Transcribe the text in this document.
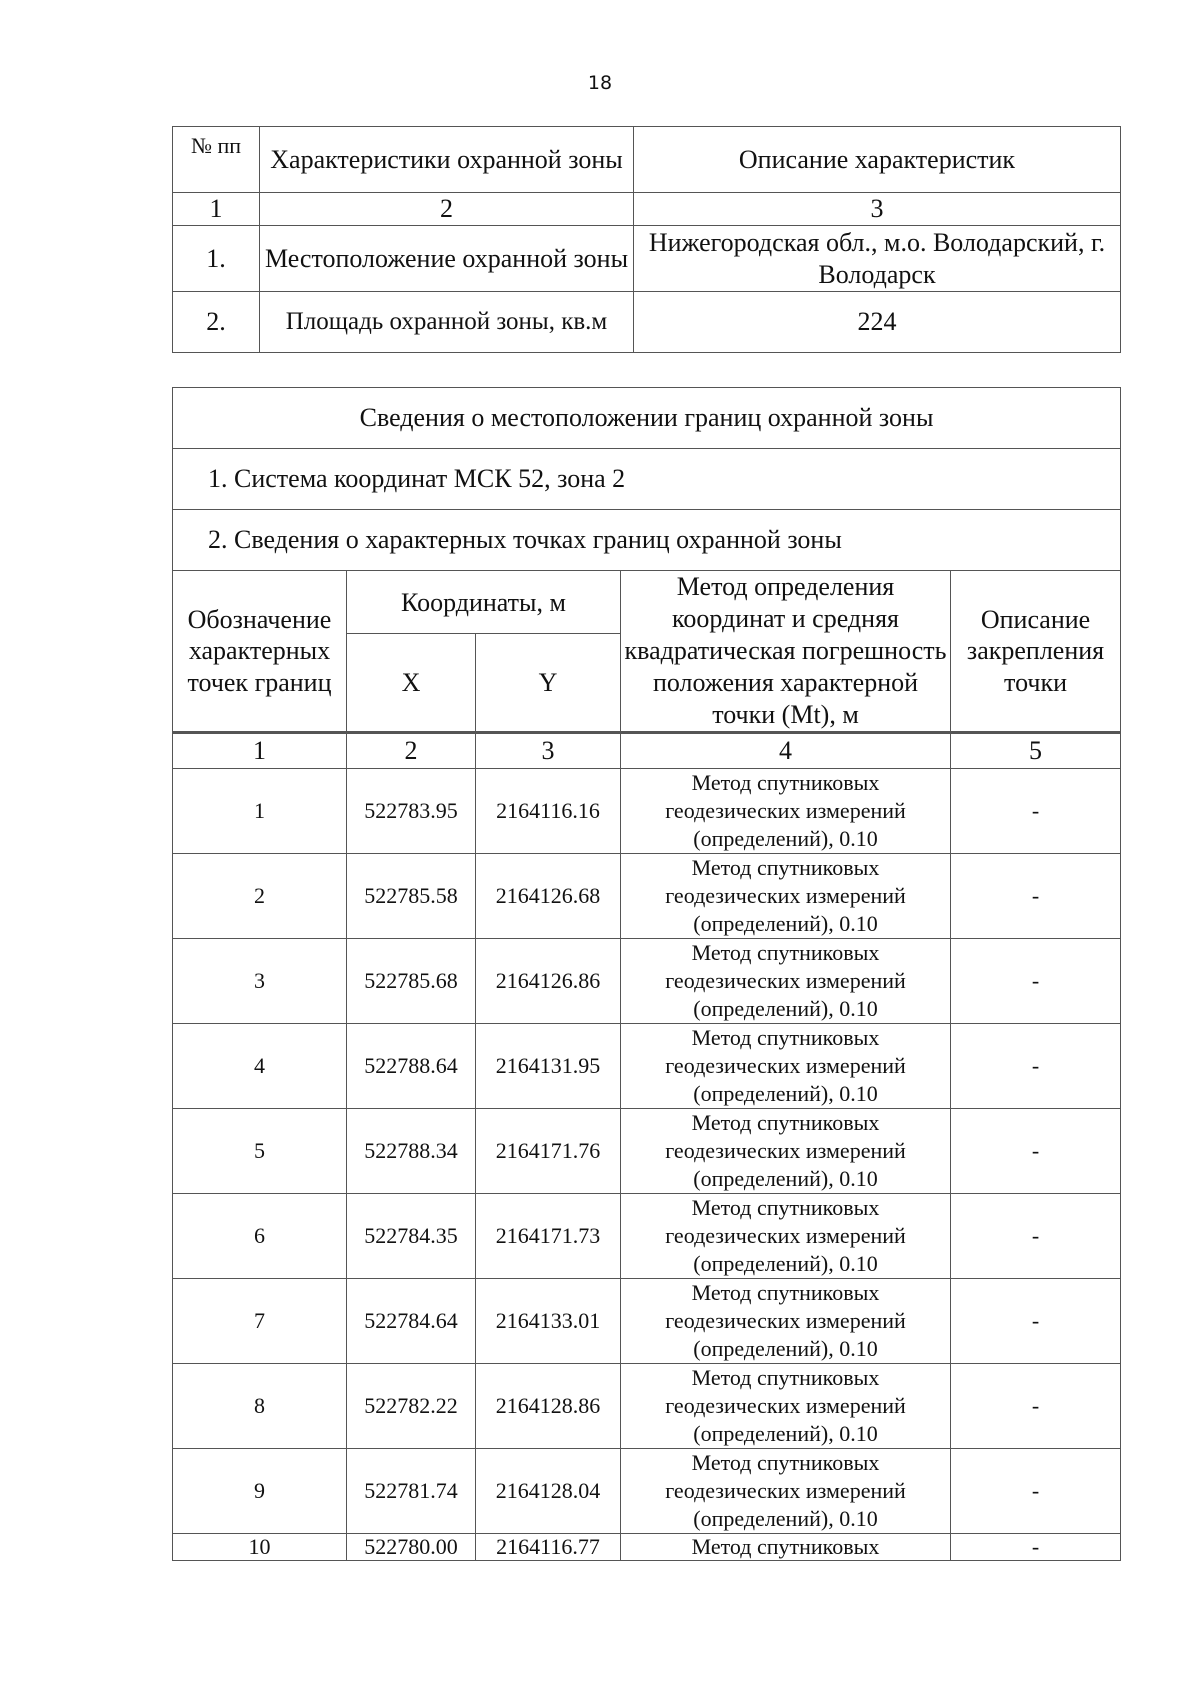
18
№ пп	Характеристики охранной зоны	Описание характеристик
1	2	3
1.	Местоположение охранной зоны	Нижегородская обл., м.о. Володарский, г. Володарск
2.	Площадь охранной зоны, кв.м	224
Сведения о местоположении границ охранной зоны				
1. Система координат МСК 52, зона 2				
2. Сведения о характерных точках границ охранной зоны				
Обозначение характерных точек границ	Координаты, м		Метод определения координат и средняя квадратическая погрешность положения характерной точки (Mt), м	Описание закрепления точки
	X	Y		
1	2	3	4	5
1	522783.95	2164116.16	Метод спутниковых геодезических измерений (определений), 0.10	-
2	522785.58	2164126.68	Метод спутниковых геодезических измерений (определений), 0.10	-
3	522785.68	2164126.86	Метод спутниковых геодезических измерений (определений), 0.10	-
4	522788.64	2164131.95	Метод спутниковых геодезических измерений (определений), 0.10	-
5	522788.34	2164171.76	Метод спутниковых геодезических измерений (определений), 0.10	-
6	522784.35	2164171.73	Метод спутниковых геодезических измерений (определений), 0.10	-
7	522784.64	2164133.01	Метод спутниковых геодезических измерений (определений), 0.10	-
8	522782.22	2164128.86	Метод спутниковых геодезических измерений (определений), 0.10	-
9	522781.74	2164128.04	Метод спутниковых геодезических измерений (определений), 0.10	-
10	522780.00	2164116.77	Метод спутниковых	-
